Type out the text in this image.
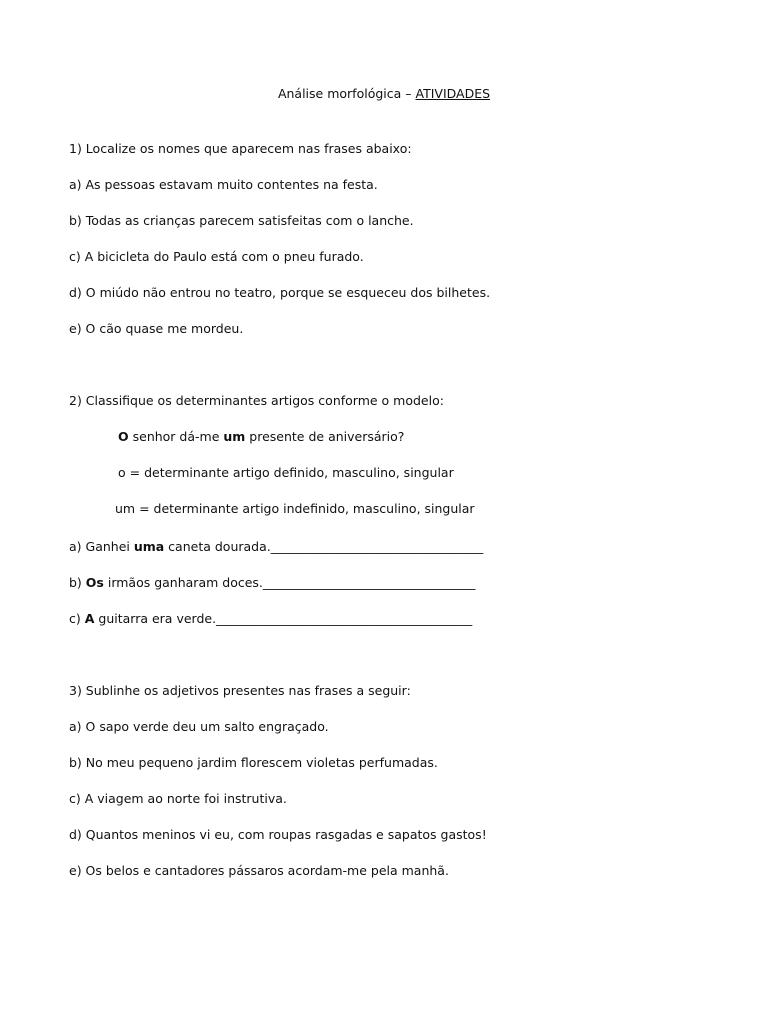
Análise morfológica – ATIVIDADES
1) Localize os nomes que aparecem nas frases abaixo:
a) As pessoas estavam muito contentes na festa.
b) Todas as crianças parecem satisfeitas com o lanche.
c) A bicicleta do Paulo está com o pneu furado.
d) O miúdo não entrou no teatro, porque se esqueceu dos bilhetes.
e) O cão quase me mordeu.
2) Classifique os determinantes artigos conforme o modelo:
O senhor dá-me um presente de aniversário?
o = determinante artigo definido, masculino, singular
um = determinante artigo indefinido, masculino, singular
a) Ganhei uma caneta dourada.__________________________________
b) Os irmãos ganharam doces.__________________________________
c) A guitarra era verde._________________________________________
3) Sublinhe os adjetivos presentes nas frases a seguir:
a) O sapo verde deu um salto engraçado.
b) No meu pequeno jardim florescem violetas perfumadas.
c) A viagem ao norte foi instrutiva.
d) Quantos meninos vi eu, com roupas rasgadas e sapatos gastos!
e) Os belos e cantadores pássaros acordam-me pela manhã.
